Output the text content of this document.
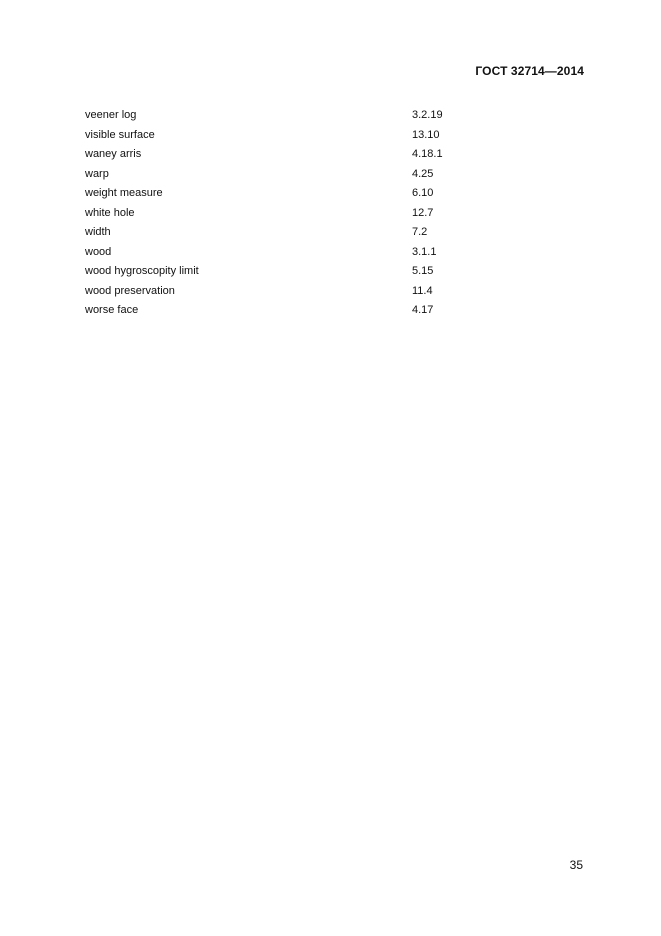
ГОСТ 32714—2014
veener log	3.2.19
visible surface	13.10
waney arris	4.18.1
warp	4.25
weight measure	6.10
white hole	12.7
width	7.2
wood	3.1.1
wood hygroscopity limit	5.15
wood preservation	11.4
worse face	4.17
35
